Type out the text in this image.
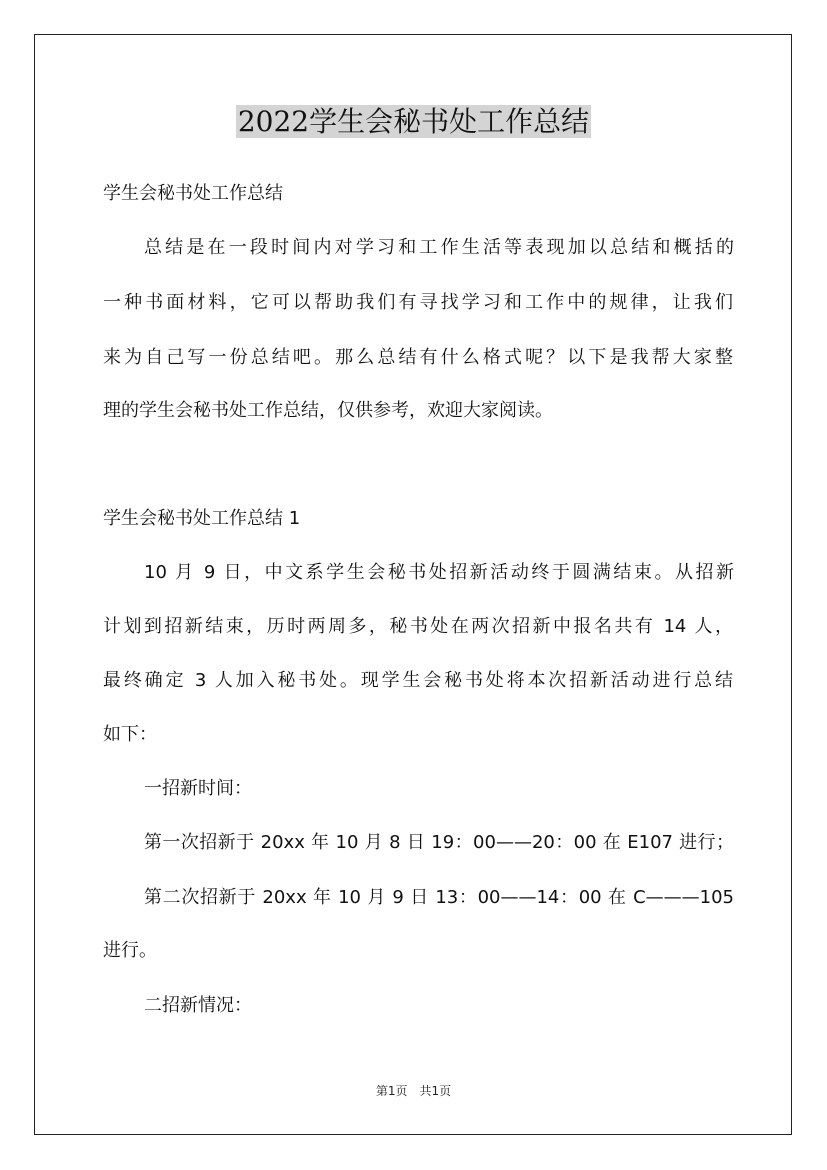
2022学生会秘书处工作总结

学生会秘书处工作总结

总结是在一段时间内对学习和工作生活等表现加以总结和概括的

一种书面材料，它可以帮助我们有寻找学习和工作中的规律，让我们

来为自己写一份总结吧。那么总结有什么格式呢？以下是我帮大家整

理的学生会秘书处工作总结，仅供参考，欢迎大家阅读。

学生会秘书处工作总结 1

10 月 9 日，中文系学生会秘书处招新活动终于圆满结束。从招新

计划到招新结束，历时两周多，秘书处在两次招新中报名共有 14 人，

最终确定 3 人加入秘书处。现学生会秘书处将本次招新活动进行总结

如下：

一招新时间：

第一次招新于 20xx 年 10 月 8 日 19：00——20：00 在 E107 进行；

第二次招新于 20xx 年 10 月 9 日 13：00——14：00 在 C———105

进行。

二招新情况：

第1页　共1页
